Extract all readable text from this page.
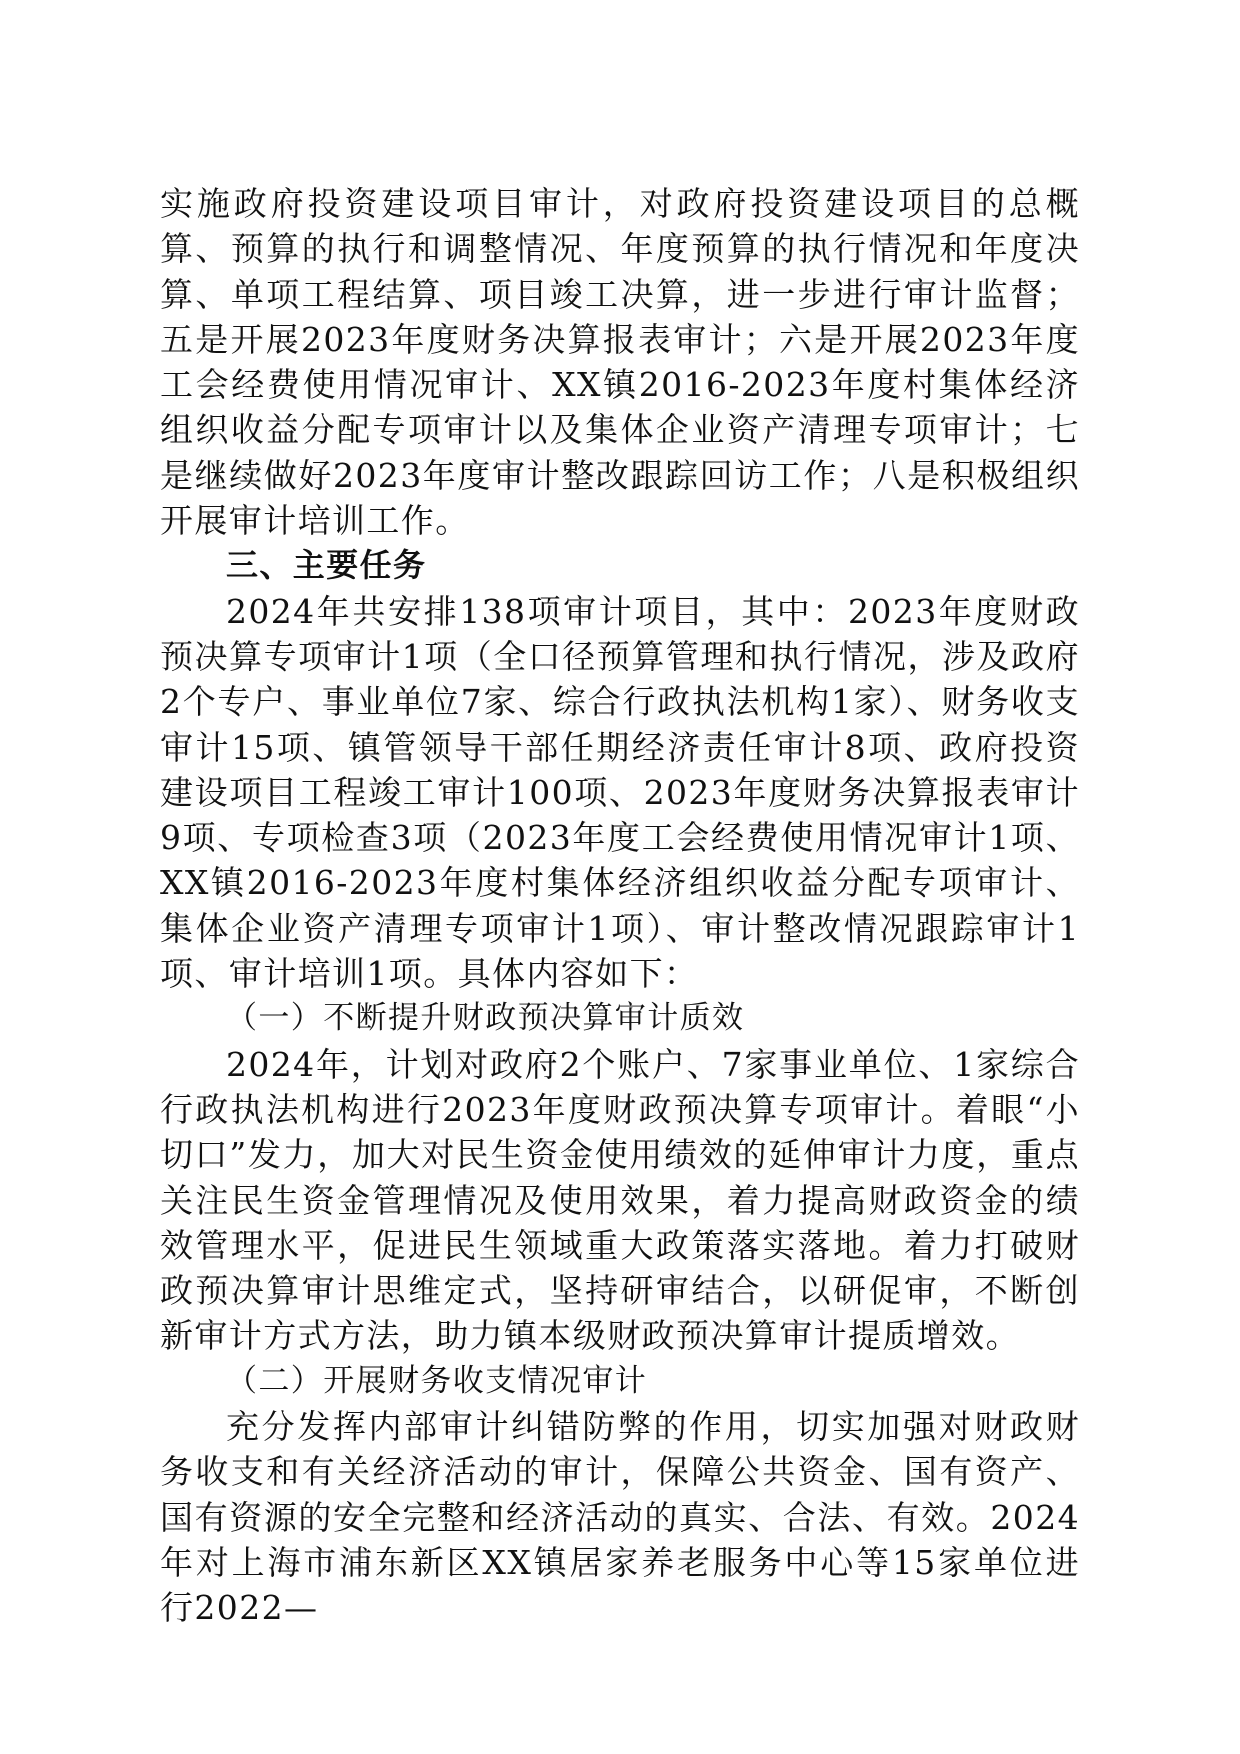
实施政府投资建设项目审计，对政府投资建设项目的总概算、预算的执行和调整情况、年度预算的执行情况和年度决算、单项工程结算、项目竣工决算，进一步进行审计监督；五是开展2023年度财务决算报表审计；六是开展2023年度工会经费使用情况审计、XX镇2016-2023年度村集体经济组织收益分配专项审计以及集体企业资产清理专项审计；七是继续做好2023年度审计整改跟踪回访工作；八是积极组织开展审计培训工作。

三、主要任务

2024年共安排138项审计项目，其中：2023年度财政预决算专项审计1项（全口径预算管理和执行情况，涉及政府2个专户、事业单位7家、综合行政执法机构1家）、财务收支审计15项、镇管领导干部任期经济责任审计8项、政府投资建设项目工程竣工审计100项、2023年度财务决算报表审计9项、专项检查3项（2023年度工会经费使用情况审计1项、XX镇2016-2023年度村集体经济组织收益分配专项审计、集体企业资产清理专项审计1项）、审计整改情况跟踪审计1项、审计培训1项。具体内容如下：

（一）不断提升财政预决算审计质效

2024年，计划对政府2个账户、7家事业单位、1家综合行政执法机构进行2023年度财政预决算专项审计。着眼“小切口”发力，加大对民生资金使用绩效的延伸审计力度，重点关注民生资金管理情况及使用效果，着力提高财政资金的绩效管理水平，促进民生领域重大政策落实落地。着力打破财政预决算审计思维定式，坚持研审结合，以研促审，不断创新审计方式方法，助力镇本级财政预决算审计提质增效。

（二）开展财务收支情况审计

充分发挥内部审计纠错防弊的作用，切实加强对财政财务收支和有关经济活动的审计，保障公共资金、国有资产、国有资源的安全完整和经济活动的真实、合法、有效。2024年对上海市浦东新区XX镇居家养老服务中心等15家单位进行2022—
